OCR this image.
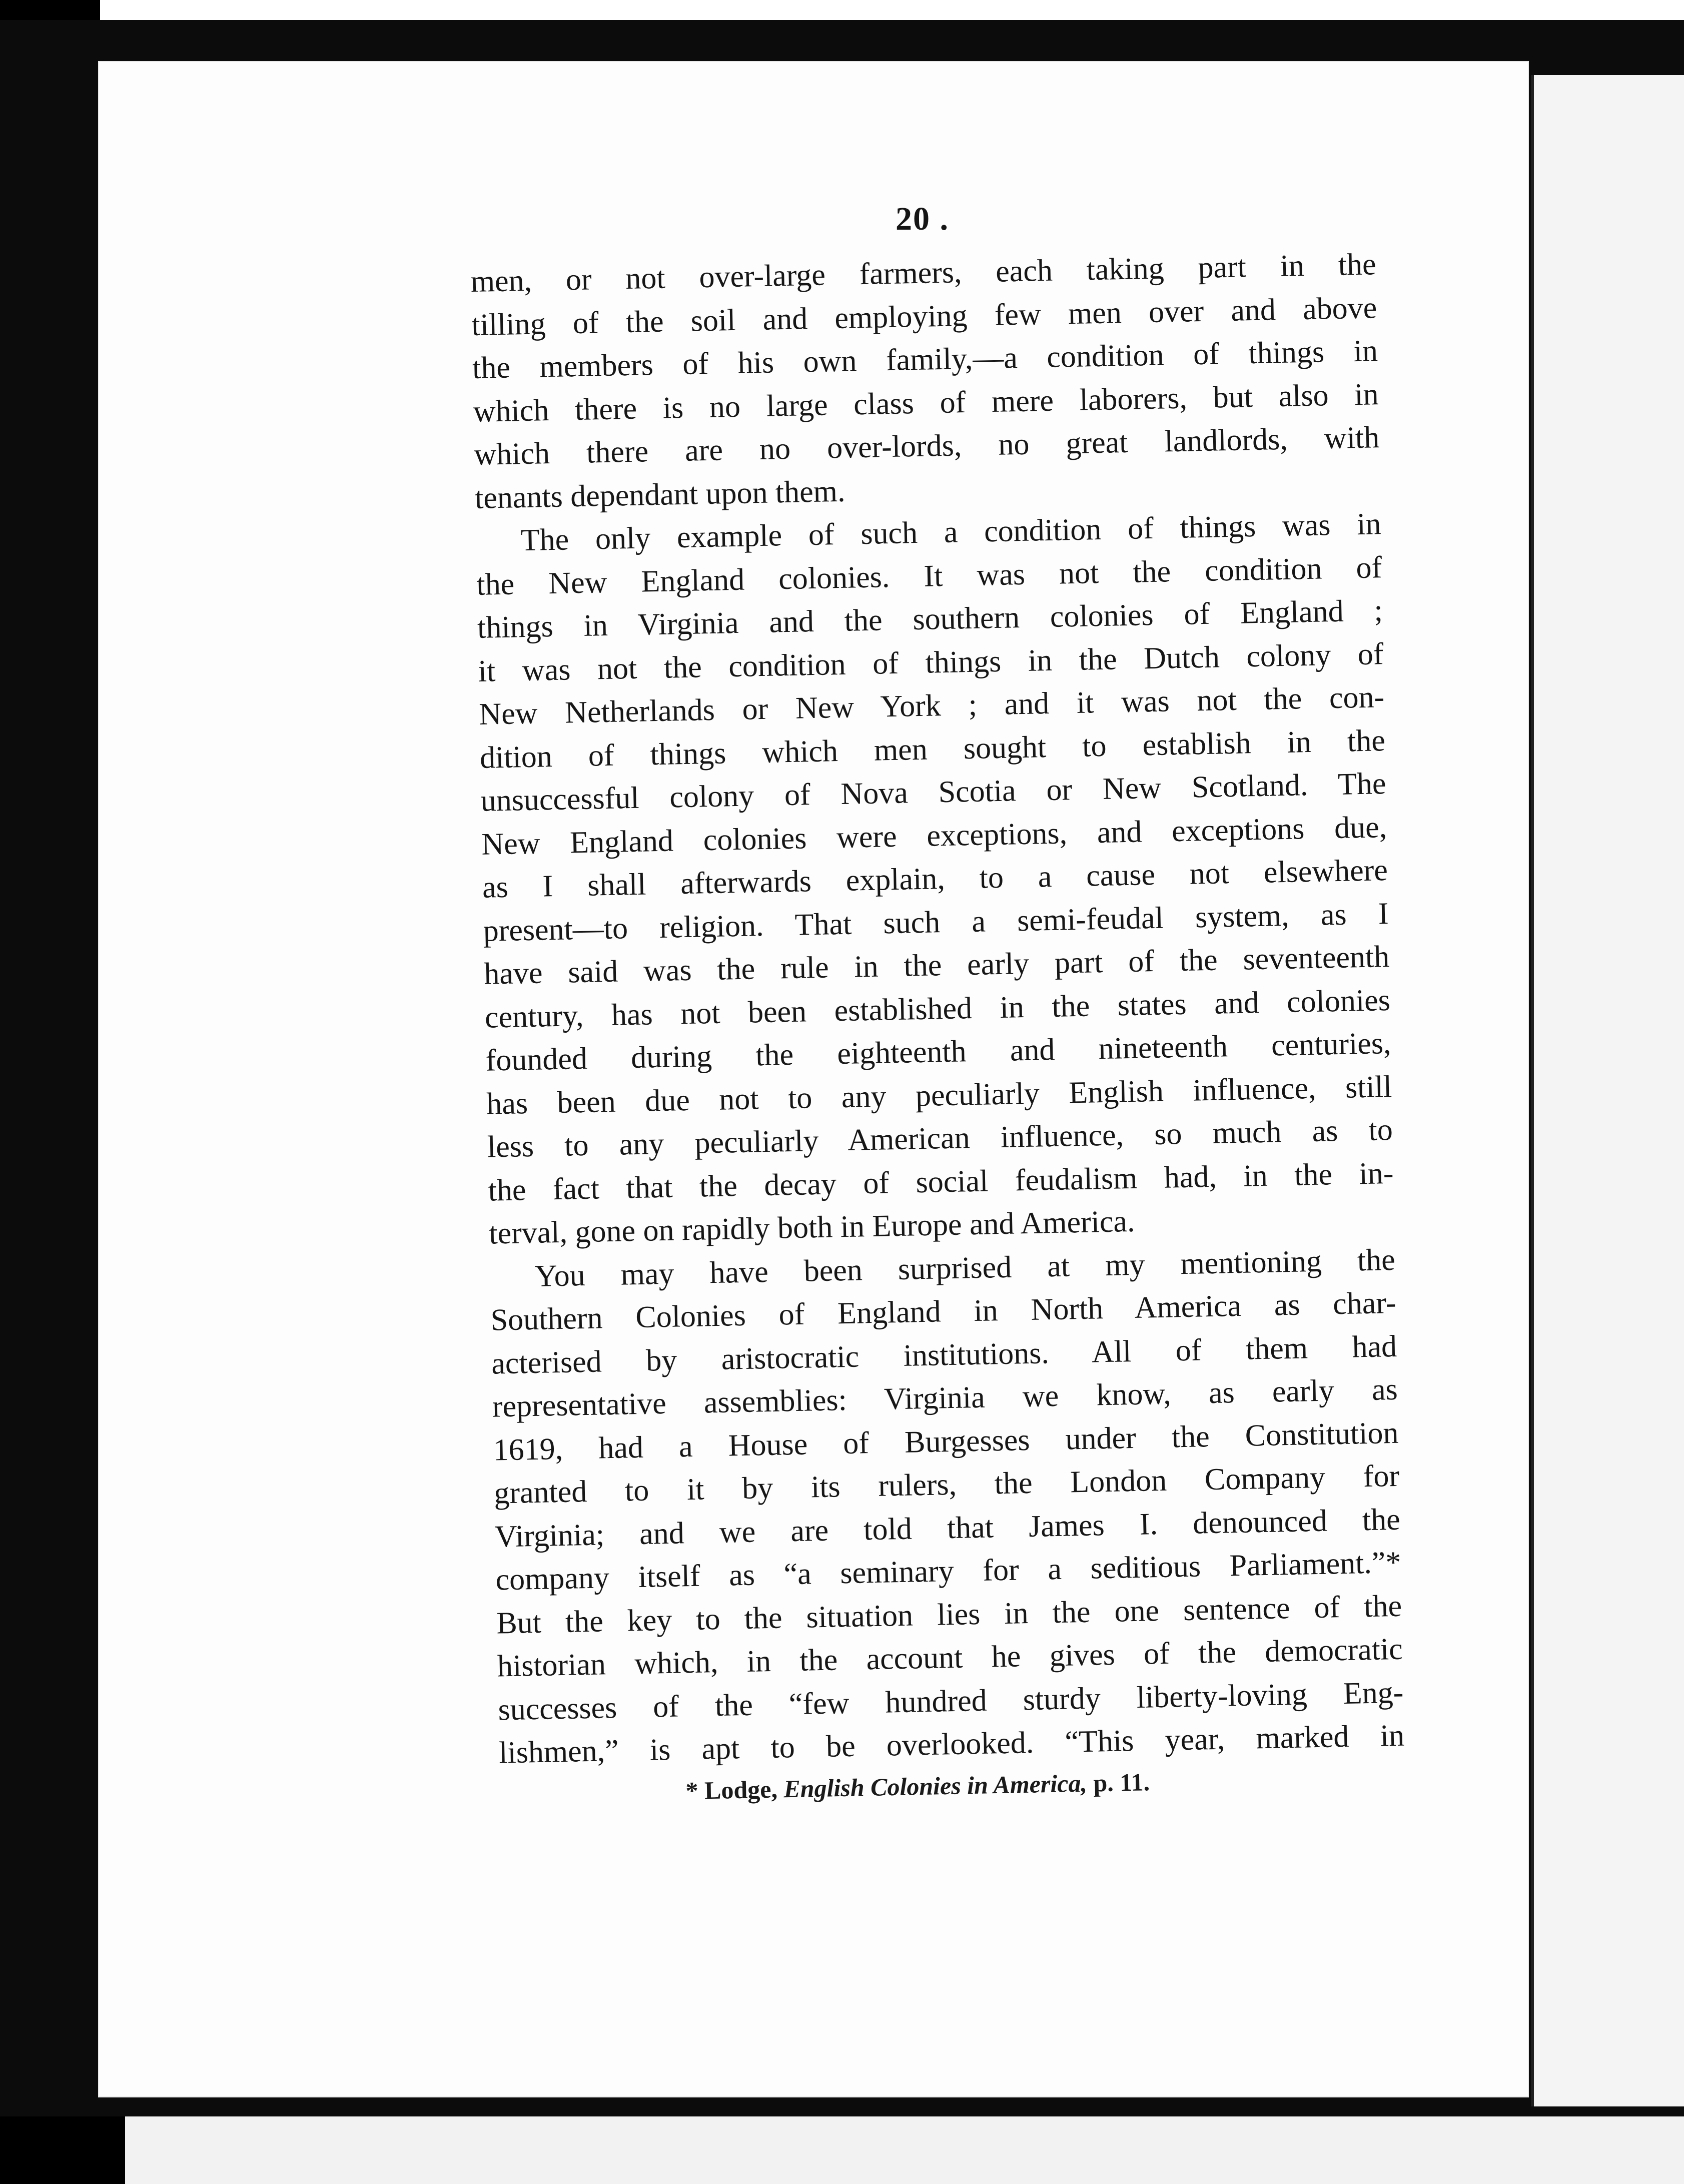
20 .
men, or not over-large farmers, each taking part in the
tilling of the soil and employing few men over and above
the members of his own family,—a condition of things in
which there is no large class of mere laborers, but also in
which there are no over-lords, no great landlords, with
tenants dependant upon them.
The only example of such a condition of things was in
the New England colonies. It was not the condition of
things in Virginia and the southern colonies of England ;
it was not the condition of things in the Dutch colony of
New Netherlands or New York ; and it was not the con-
dition of things which men sought to establish in the
unsuccessful colony of Nova Scotia or New Scotland. The
New England colonies were exceptions, and exceptions due,
as I shall afterwards explain, to a cause not elsewhere
present—to religion. That such a semi-feudal system, as I
have said was the rule in the early part of the seventeenth
century, has not been established in the states and colonies
founded during the eighteenth and nineteenth centuries,
has been due not to any peculiarly English influence, still
less to any peculiarly American influence, so much as to
the fact that the decay of social feudalism had, in the in-
terval, gone on rapidly both in Europe and America.
You may have been surprised at my mentioning the
Southern Colonies of England in North America as char-
acterised by aristocratic institutions. All of them had
representative assemblies: Virginia we know, as early as
1619, had a House of Burgesses under the Constitution
granted to it by its rulers, the London Company for
Virginia; and we are told that James I. denounced the
company itself as “a seminary for a seditious Parliament.”*
But the key to the situation lies in the one sentence of the
historian which, in the account he gives of the democratic
successes of the “few hundred sturdy liberty-loving Eng-
lishmen,” is apt to be overlooked. “This year, marked in
* Lodge, English Colonies in America, p. 11.
